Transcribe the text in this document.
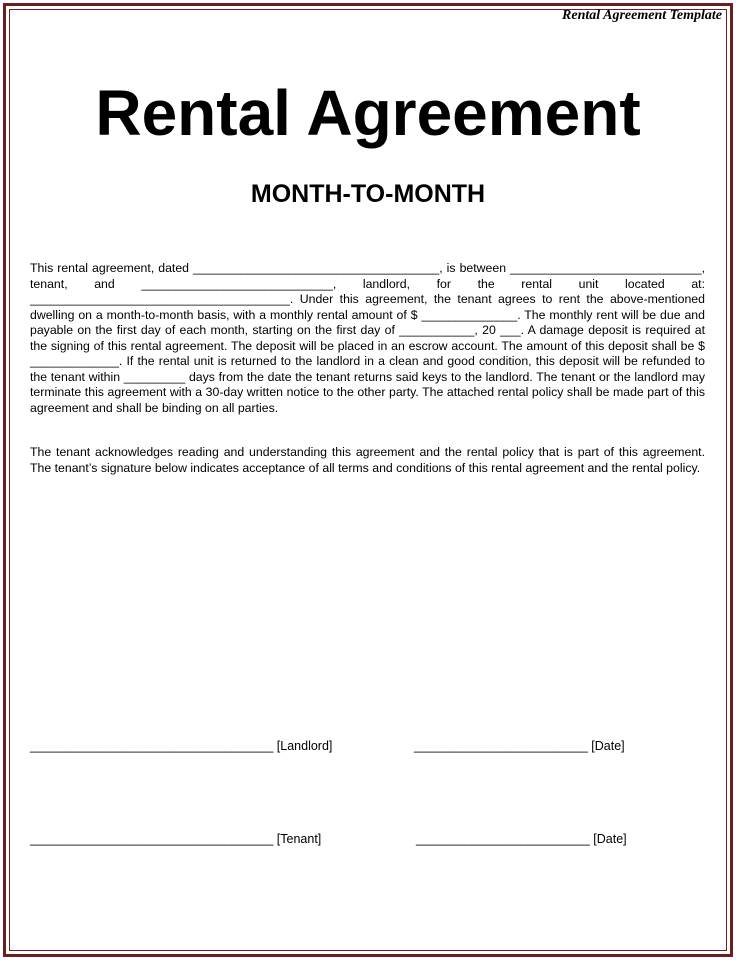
Rental Agreement Template
Rental Agreement
MONTH-TO-MONTH

This rental agreement, dated ____________________________________, is between ____________________________, tenant, and ____________________________, landlord, for the rental unit located at: ______________________________________. Under this agreement, the tenant agrees to rent the above-mentioned dwelling on a month-to-month basis, with a monthly rental amount of $ ______________. The monthly rent will be due and payable on the first day of each month, starting on the first day of ___________, 20 ___. A damage deposit is required at the signing of this rental agreement. The deposit will be placed in an escrow account. The amount of this deposit shall be $ _____________. If the rental unit is returned to the landlord in a clean and good condition, this deposit will be refunded to the tenant within _________ days from the date the tenant returns said keys to the landlord. The tenant or the landlord may terminate this agreement with a 30-day written notice to the other party. The attached rental policy shall be made part of this agreement and shall be binding on all parties.

The tenant acknowledges reading and understanding this agreement and the rental policy that is part of this agreement. The tenant’s signature below indicates acceptance of all terms and conditions of this rental agreement and the rental policy.

___________________________________ [Landlord]	_________________________ [Date]
___________________________________ [Tenant]	_________________________ [Date]
